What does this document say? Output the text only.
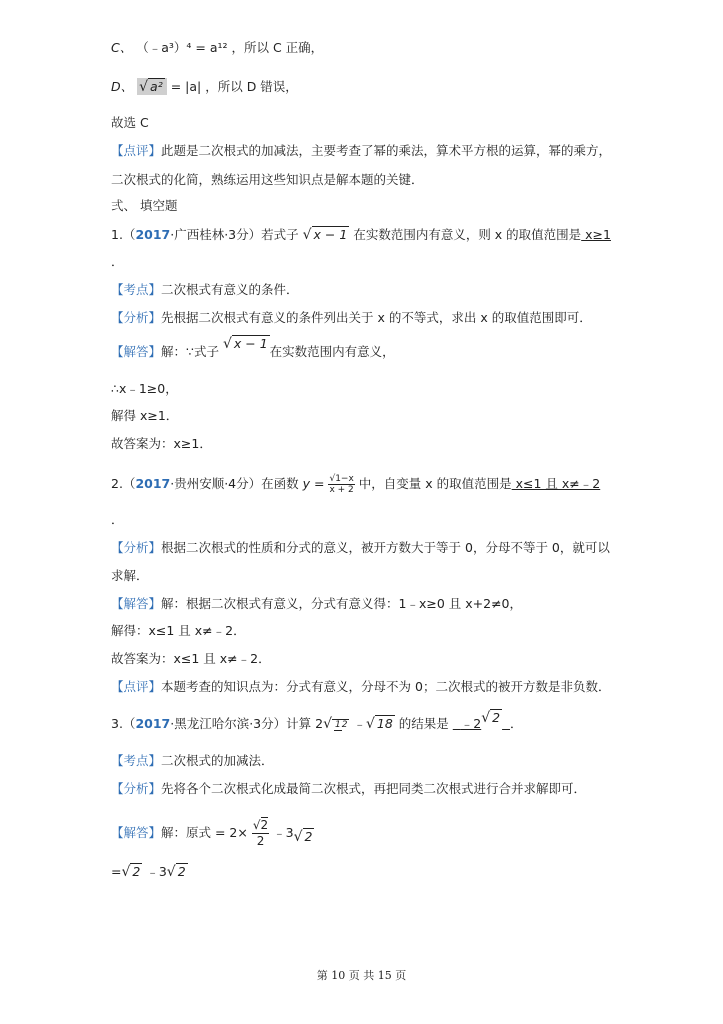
C、 （﹣a³）⁴ = a¹² ，所以 C 正确，
D、 √ a² = |a| ，所以 D 错误，
故选 C
【点评】此题是二次根式的加减法，主要考查了幂的乘法，算术平方根的运算，幂的乘方，
二次根式的化简，熟练运用这些知识点是解本题的关键．
弍、 填空题
1.（2017·广西桂林·3分）若式子 √ x − 1 在实数范围内有意义，则 x 的取值范围是 x≥1
．
【考点】二次根式有意义的条件．
【分析】先根据二次根式有意义的条件列出关于 x 的不等式，求出 x 的取值范围即可．
【解答】解：∵式子 √ x − 1在实数范围内有意义，
∴x﹣1≥0，
解得 x≥1．
故答案为：x≥1．
2.（2017·贵州安顺·4分）在函数 $y = \frac{√1-x}{x + 2}$ 中，自变量 x 的取值范围是 x≤1 且 x≠﹣2
．
【分析】根据二次根式的性质和分式的意义，被开方数大于等于 0，分母不等于 0，就可以
求解．
【解答】解：根据二次根式有意义，分式有意义得：1﹣x≥0 且 x+2≠0，
解得：x≤1 且 x≠﹣2．
故答案为：x≤1 且 x≠﹣2．
【点评】本题考查的知识点为：分式有意义，分母不为 0；二次根式的被开方数是非负数．
3.（2017·黑龙江哈尔滨·3分）计算 2√ 12 ﹣√ 18 的结果是 ﹣2√ 2 ．
【考点】二次根式的加减法．
【分析】先将各个二次根式化成最简二次根式，再把同类二次根式进行合并求解即可．
【解答】解：原式 = $2\times \frac{√2}{2}$ ﹣3√ 2
=√ 2 ﹣3√ 2
第 10 页 共 15 页
